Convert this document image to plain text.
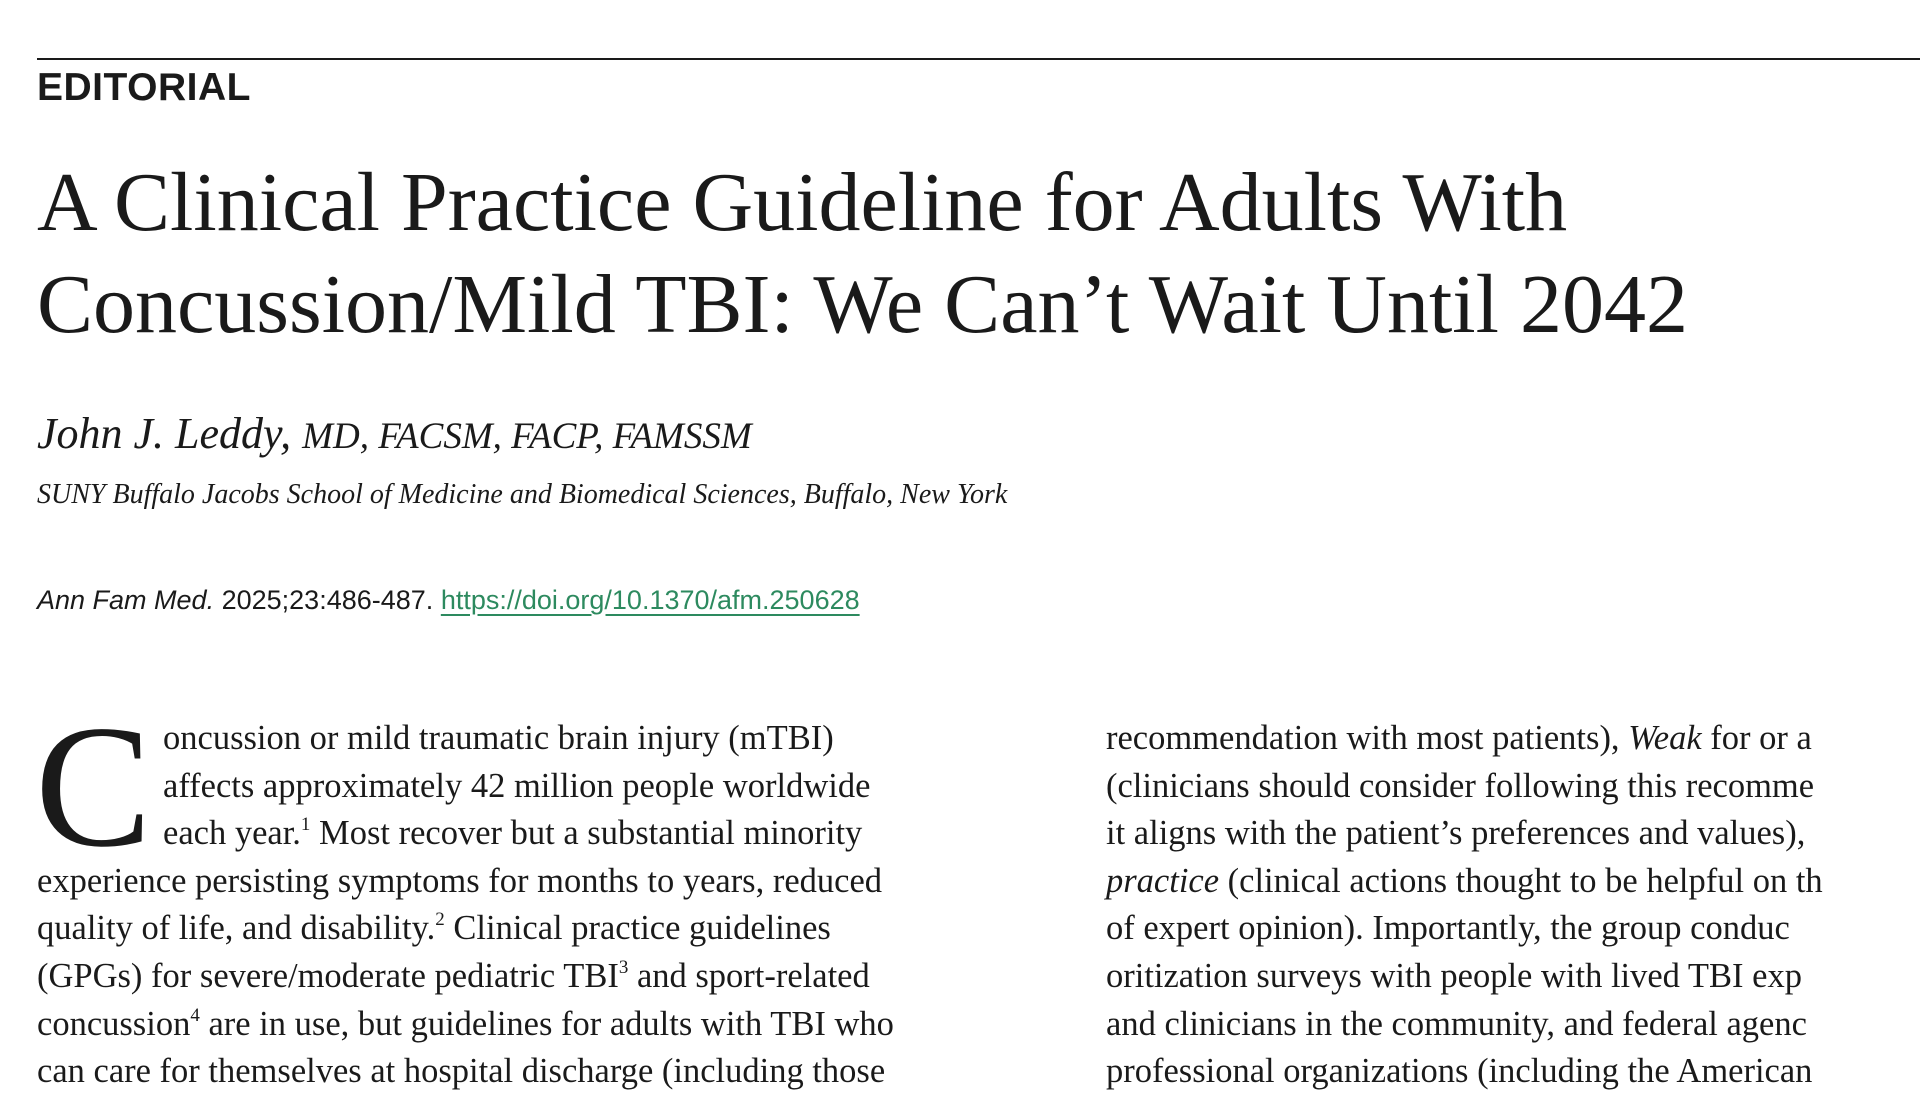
EDITORIAL
A Clinical Practice Guideline for Adults With
Concussion/Mild TBI: We Can’t Wait Until 2042
John J. Leddy, MD, FACSM, FACP, FAMSSM
SUNY Buffalo Jacobs School of Medicine and Biomedical Sciences, Buffalo, New York
Ann Fam Med. 2025;23:486-487. https://doi.org/10.1370/afm.250628
C oncussion or mild traumatic brain injury (mTBI)
affects approximately 42 million people worldwide
each year.$^1$ Most recover but a substantial minority
experience persisting symptoms for months to years, reduced
quality of life, and disability.$^2$ Clinical practice guidelines
(GPGs) for severe/moderate pediatric TBI$^3$ and sport-related
concussion$^4$ are in use, but guidelines for adults with TBI who
can care for themselves at hospital discharge (including those
recommendation with most patients), Weak for or a
(clinicians should consider following this recomme
it aligns with the patient’s preferences and values),
practice (clinical actions thought to be helpful on th
of expert opinion). Importantly, the group conduc
oritization surveys with people with lived TBI exp
and clinicians in the community, and federal agenc
professional organizations (including the American
